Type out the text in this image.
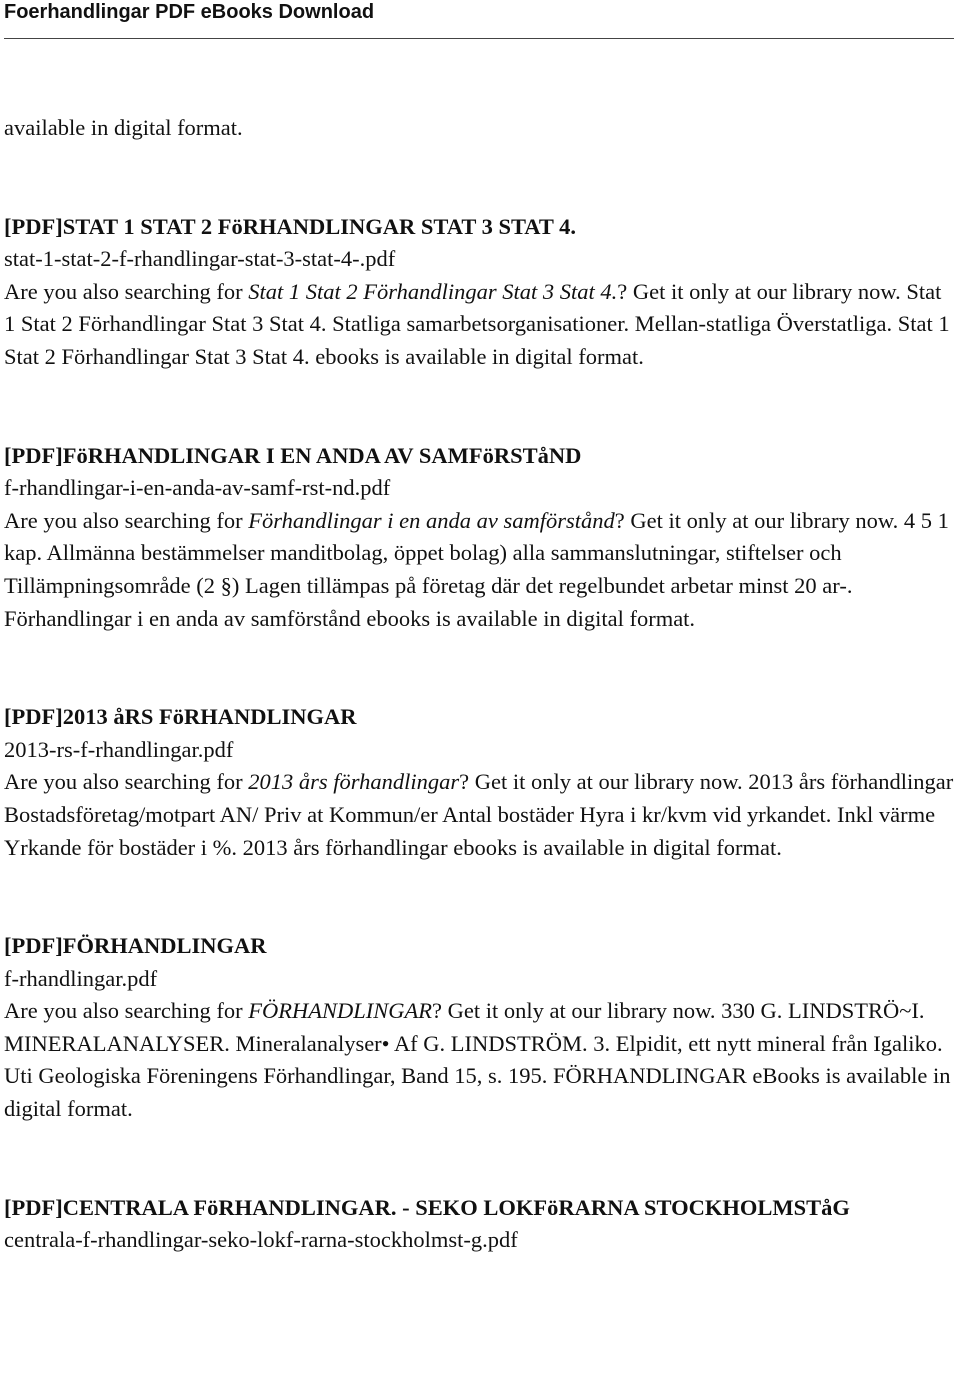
Foerhandlingar PDF eBooks Download

available in digital format.

[PDF]STAT 1 STAT 2 FöRHANDLINGAR STAT 3 STAT 4.

stat-1-stat-2-f-rhandlingar-stat-3-stat-4-.pdf

Are you also searching for Stat 1 Stat 2 Förhandlingar Stat 3 Stat 4.? Get it only at our library now. Stat 1 Stat 2 Förhandlingar Stat 3 Stat 4. Statliga samarbetsorganisationer. Mellan-statliga Överstatliga. Stat 1 Stat 2 Förhandlingar Stat 3 Stat 4. ebooks is available in digital format.

[PDF]FöRHANDLINGAR I EN ANDA AV SAMFöRSTåND

f-rhandlingar-i-en-anda-av-samf-rst-nd.pdf

Are you also searching for Förhandlingar i en anda av samförstånd? Get it only at our library now. 4 5 1 kap. Allmänna bestämmelser manditbolag, öppet bolag) alla sammanslutningar, stiftelser och Tillämpningsområde (2 §) Lagen tillämpas på företag där det regelbundet arbetar minst 20 ar-. Förhandlingar i en anda av samförstånd ebooks is available in digital format.

[PDF]2013 åRS FöRHANDLINGAR

2013-rs-f-rhandlingar.pdf

Are you also searching for 2013 års förhandlingar? Get it only at our library now. 2013 års förhandlingar Bostadsföretag/motpart AN/ Priv at Kommun/er Antal bostäder Hyra i kr/kvm vid yrkandet. Inkl värme Yrkande för bostäder i %. 2013 års förhandlingar ebooks is available in digital format.

[PDF]FÖRHANDLINGAR

f-rhandlingar.pdf

Are you also searching for FÖRHANDLINGAR? Get it only at our library now. 330 G. LINDSTRÖ~I. MINERALANALYSER. Mineralanalyser• Af G. LINDSTRÖM. 3. Elpidit, ett nytt mineral från Igaliko. Uti Geologiska Föreningens Förhandlingar, Band 15, s. 195. FÖRHANDLINGAR eBooks is available in digital format.

[PDF]CENTRALA FöRHANDLINGAR. - SEKO LOKFöRARNA STOCKHOLMSTåG

centrala-f-rhandlingar-seko-lokf-rarna-stockholmst-g.pdf
